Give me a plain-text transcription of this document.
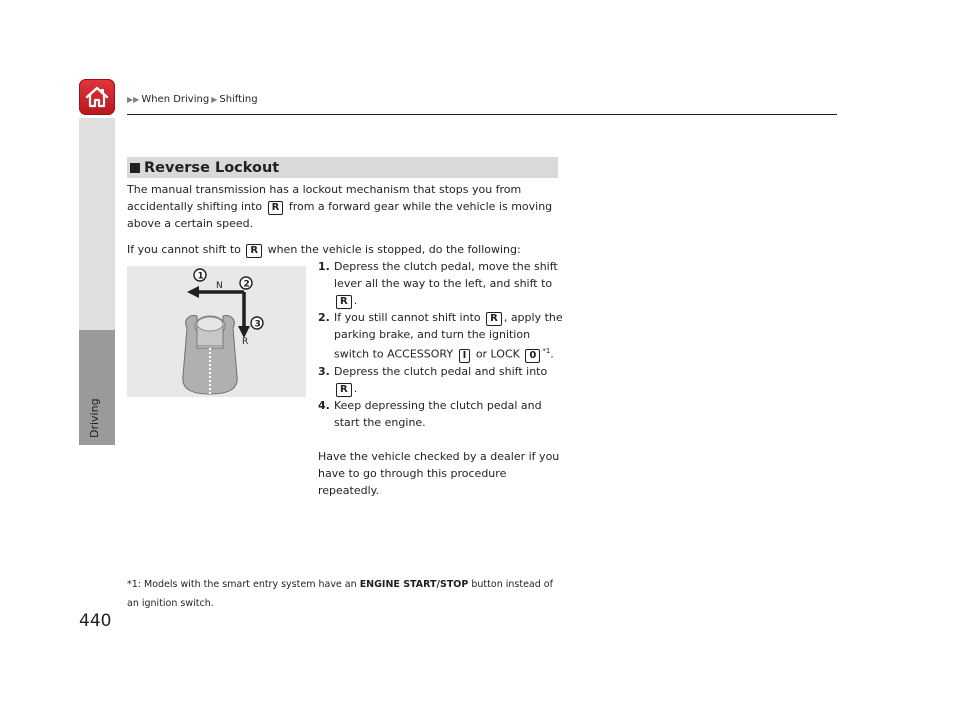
▶▶ When Driving ▶ Shifting
Driving
440
Reverse Lockout
The manual transmission has a lockout mechanism that stops you from accidentally shifting into R from a forward gear while the vehicle is moving above a certain speed.
If you cannot shift to R when the vehicle is stopped, do the following:
N
R
1
2
3
1. Depress the clutch pedal, move the shift lever all the way to the left, and shift to R .
2. If you still cannot shift into R , apply the parking brake, and turn the ignition switch to ACCESSORY I or LOCK 0 $^{*1}$.
3. Depress the clutch pedal and shift into R .
4. Keep depressing the clutch pedal and start the engine.
Have the vehicle checked by a dealer if you have to go through this procedure repeatedly.
*1: Models with the smart entry system have an ENGINE START/STOP button instead of an ignition switch.
